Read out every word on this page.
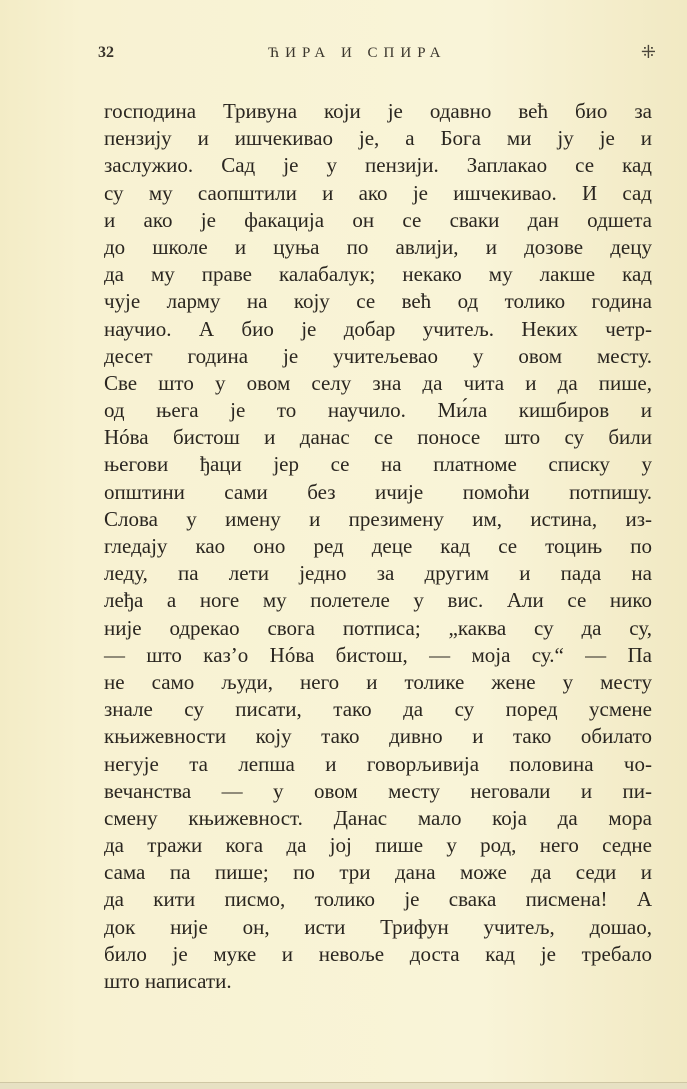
32	ЋИРА И СПИРА	⁜
господина Тривуна који је одавно већ био за
пензију и ишчекивао је, а Бога ми ју је и
заслужио. Сад је у пензији. Заплакао се кад
су му саопштили и ако је ишчекивао. И сад
и ако је факација он се сваки дан одшета
до школе и цуња по авлији, и дозове децу
да му праве калабалук; некако му лакше кад
чује ларму на коју се већ од толико година
научио. А био је добар учитељ. Неких четр-
десет година је учитељевао у овом месту.
Све што у овом селу зна да чита и да пише,
од њега је то научило. Ми́ла кишбиров и
Нóва бистош и данас се поносе што су били
његови ђаци јер се на платноме списку у
општини сами без ичије помоћи потпишу.
Слова у имену и презимену им, истина, из-
гледају као оно ред деце кад се тоцињ по
леду, па лети једно за другим и пада на
леђа а ноге му полетеле у вис. Али се нико
није одрекао свога потписа; „каква су да су,
— што каз’о Нóва бистош, — моја су.“ — Па
не само људи, него и толике жене у месту
знале су писати, тако да су поред усмене
књижевности коју тако дивно и тако обилато
негује та лепша и говорљивија половина чо-
вечанства — у овом месту неговали и пи-
смену књижевност. Данас мало која да мора
да тражи кога да јој пише у род, него седне
сама па пише; по три дана може да седи и
да кити писмо, толико је свака писмена! А
док није он, исти Трифун учитељ, дошао,
било је муке и невоље доста кад је требало
што написати.
